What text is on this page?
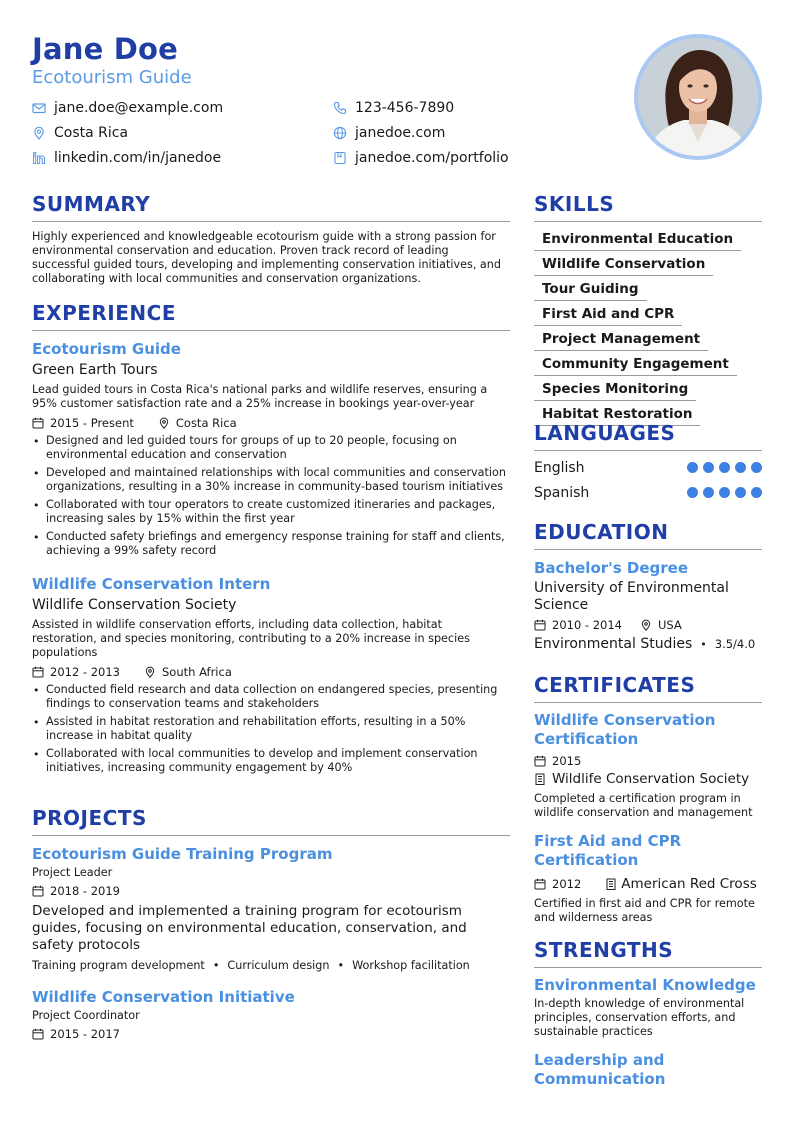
Jane Doe
Ecotourism Guide
jane.doe@example.com
Costa Rica
linkedin.com/in/janedoe
123-456-7890
janedoe.com
janedoe.com/portfolio
SUMMARY
Highly experienced and knowledgeable ecotourism guide with a strong passion for environmental conservation and education. Proven track record of leading successful guided tours, developing and implementing conservation initiatives, and collaborating with local communities and conservation organizations.
EXPERIENCE
Ecotourism Guide
Green Earth Tours
Lead guided tours in Costa Rica's national parks and wildlife reserves, ensuring a 95% customer satisfaction rate and a 25% increase in bookings year-over-year
2015 - Present	Costa Rica
• Designed and led guided tours for groups of up to 20 people, focusing on environmental education and conservation
• Developed and maintained relationships with local communities and conservation organizations, resulting in a 30% increase in community-based tourism initiatives
• Collaborated with tour operators to create customized itineraries and packages, increasing sales by 15% within the first year
• Conducted safety briefings and emergency response training for staff and clients, achieving a 99% safety record
Wildlife Conservation Intern
Wildlife Conservation Society
Assisted in wildlife conservation efforts, including data collection, habitat restoration, and species monitoring, contributing to a 20% increase in species populations
2012 - 2013	South Africa
• Conducted field research and data collection on endangered species, presenting findings to conservation teams and stakeholders
• Assisted in habitat restoration and rehabilitation efforts, resulting in a 50% increase in habitat quality
• Collaborated with local communities to develop and implement conservation initiatives, increasing community engagement by 40%
PROJECTS
Ecotourism Guide Training Program
Project Leader
2018 - 2019
Developed and implemented a training program for ecotourism guides, focusing on environmental education, conservation, and safety protocols
Training program development • Curriculum design • Workshop facilitation
Wildlife Conservation Initiative
Project Coordinator
2015 - 2017
SKILLS
Environmental Education
Wildlife Conservation
Tour Guiding
First Aid and CPR
Project Management
Community Engagement
Species Monitoring
Habitat Restoration
LANGUAGES
English
Spanish
EDUCATION
Bachelor's Degree
University of Environmental Science
2010 - 2014	USA
Environmental Studies • 3.5/4.0
CERTIFICATES
Wildlife Conservation Certification
2015
Wildlife Conservation Society
Completed a certification program in wildlife conservation and management
First Aid and CPR Certification
2012	American Red Cross
Certified in first aid and CPR for remote and wilderness areas
STRENGTHS
Environmental Knowledge
In-depth knowledge of environmental principles, conservation efforts, and sustainable practices
Leadership and Communication
